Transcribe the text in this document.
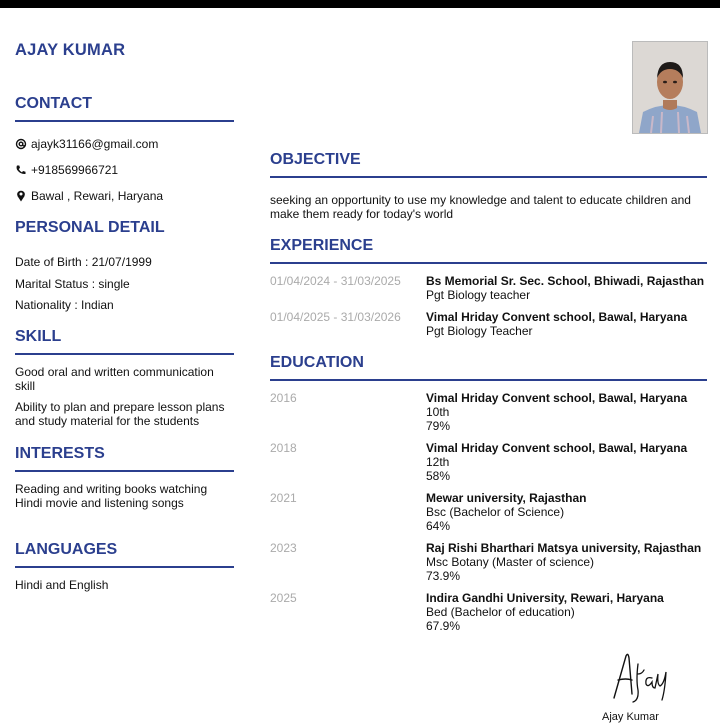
AJAY KUMAR
CONTACT
ajayk31166@gmail.com
+918569966721
Bawal , Rewari, Haryana
PERSONAL DETAIL
Date of Birth : 21/07/1999
Marital Status : single
Nationality : Indian
SKILL
Good oral and written communication skill
Ability to plan and prepare lesson plans and study material for the students
INTERESTS
Reading and writing books watching Hindi movie and listening songs
LANGUAGES
Hindi and English
OBJECTIVE
seeking an opportunity to use my knowledge and talent to educate children and make them ready for today's world
EXPERIENCE
01/04/2024 - 31/03/2025 Bs Memorial Sr. Sec. School, Bhiwadi, Rajasthan
Pgt Biology teacher
01/04/2025 - 31/03/2026 Vimal Hriday Convent school, Bawal, Haryana
Pgt Biology Teacher
EDUCATION
2016	Vimal Hriday Convent school, Bawal, Haryana
10th
79%
2018	Vimal Hriday Convent school, Bawal, Haryana
12th
58%
2021	Mewar university, Rajasthan
Bsc (Bachelor of Science)
64%
2023	Raj Rishi Bharthari Matsya university, Rajasthan
Msc Botany (Master of science)
73.9%
2025	Indira Gandhi University, Rewari, Haryana
Bed (Bachelor of education)
67.9%
Ajay Kumar
